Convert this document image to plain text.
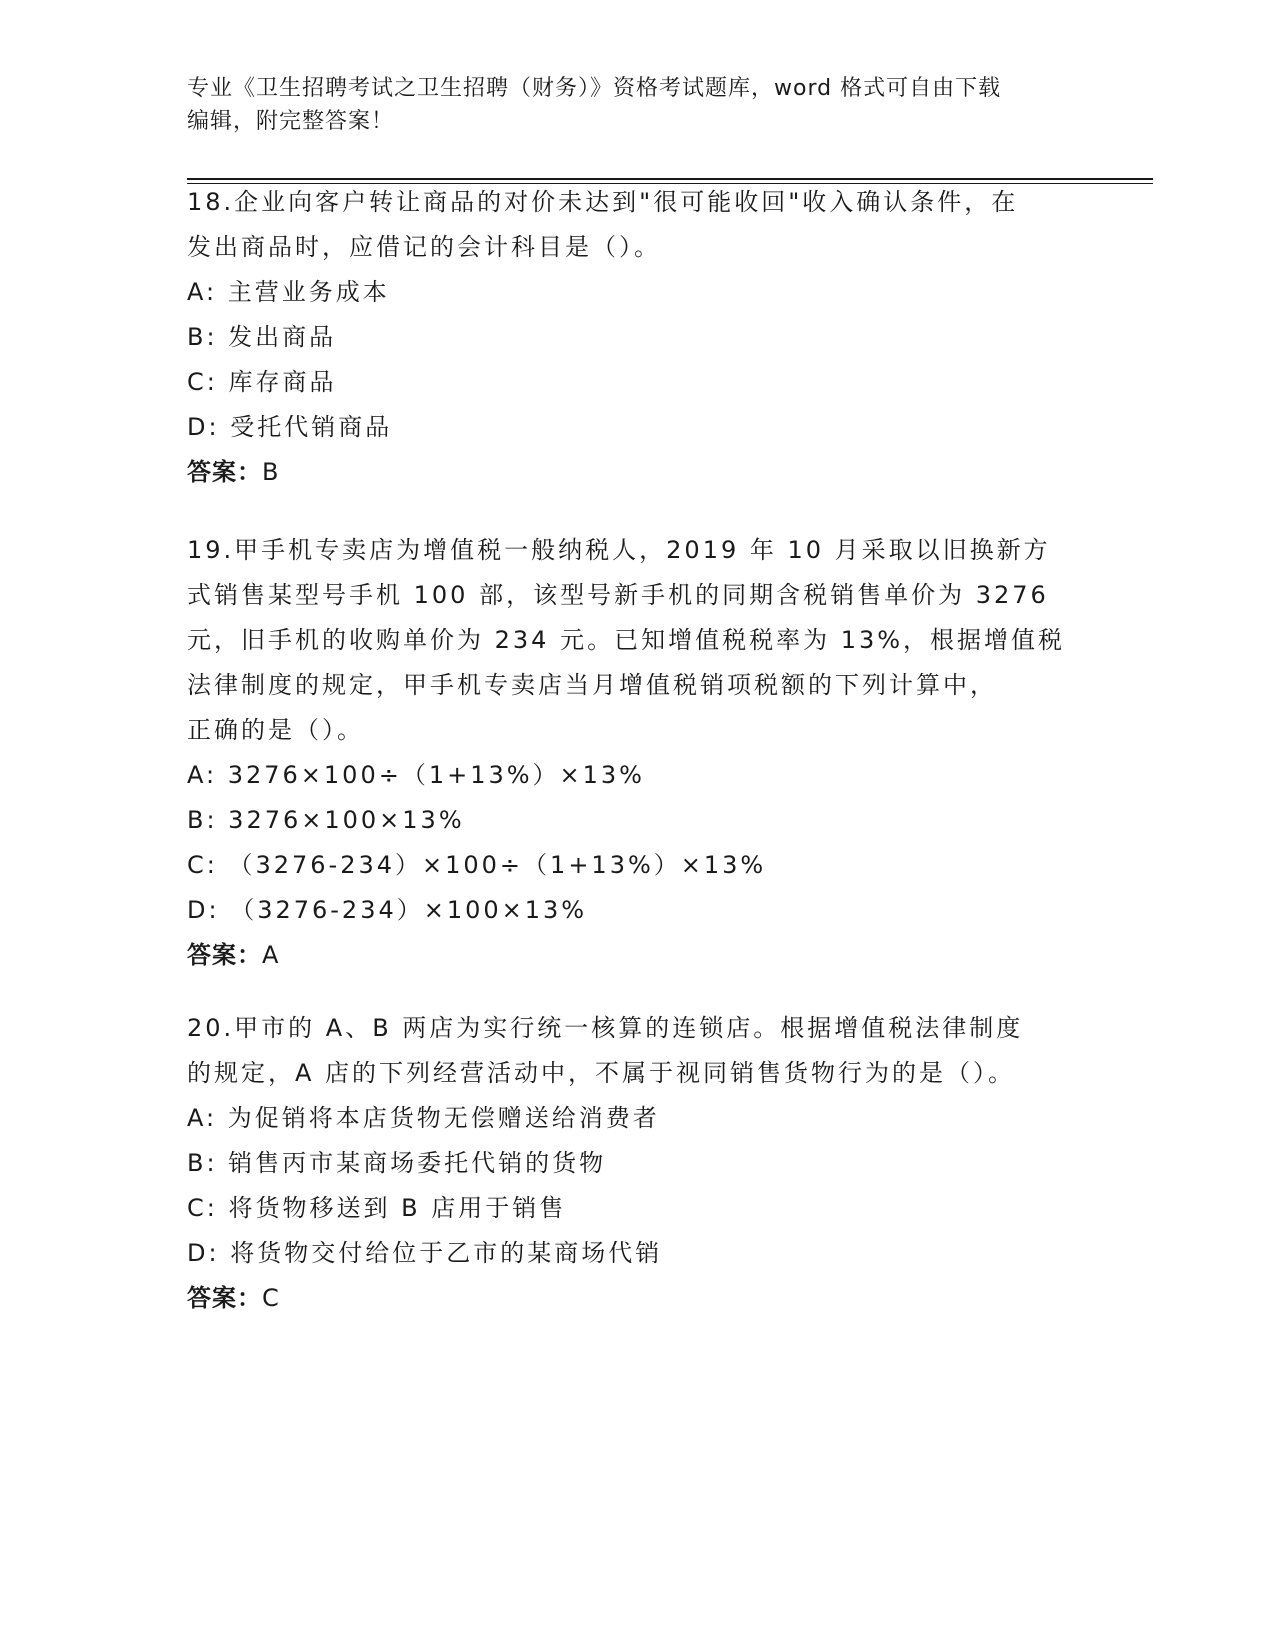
专业《卫生招聘考试之卫生招聘（财务）》资格考试题库，word 格式可自由下载
编辑，附完整答案！

18.企业向客户转让商品的对价未达到"很可能收回"收入确认条件，在

发出商品时，应借记的会计科目是（）。

A: 主营业务成本

B: 发出商品

C: 库存商品

D: 受托代销商品

答案：B

19.甲手机专卖店为增值税一般纳税人，2019 年 10 月采取以旧换新方

式销售某型号手机 100 部，该型号新手机的同期含税销售单价为 3276

元，旧手机的收购单价为 234 元。已知增值税税率为 13%，根据增值税

法律制度的规定，甲手机专卖店当月增值税销项税额的下列计算中，

正确的是（）。

A: 3276×100÷（1+13%）×13%

B: 3276×100×13%

C: （3276-234）×100÷（1+13%）×13%

D: （3276-234）×100×13%

答案：A

20.甲市的 A、B 两店为实行统一核算的连锁店。根据增值税法律制度

的规定，A 店的下列经营活动中，不属于视同销售货物行为的是（）。

A: 为促销将本店货物无偿赠送给消费者

B: 销售丙市某商场委托代销的货物

C: 将货物移送到 B 店用于销售

D: 将货物交付给位于乙市的某商场代销

答案：C
